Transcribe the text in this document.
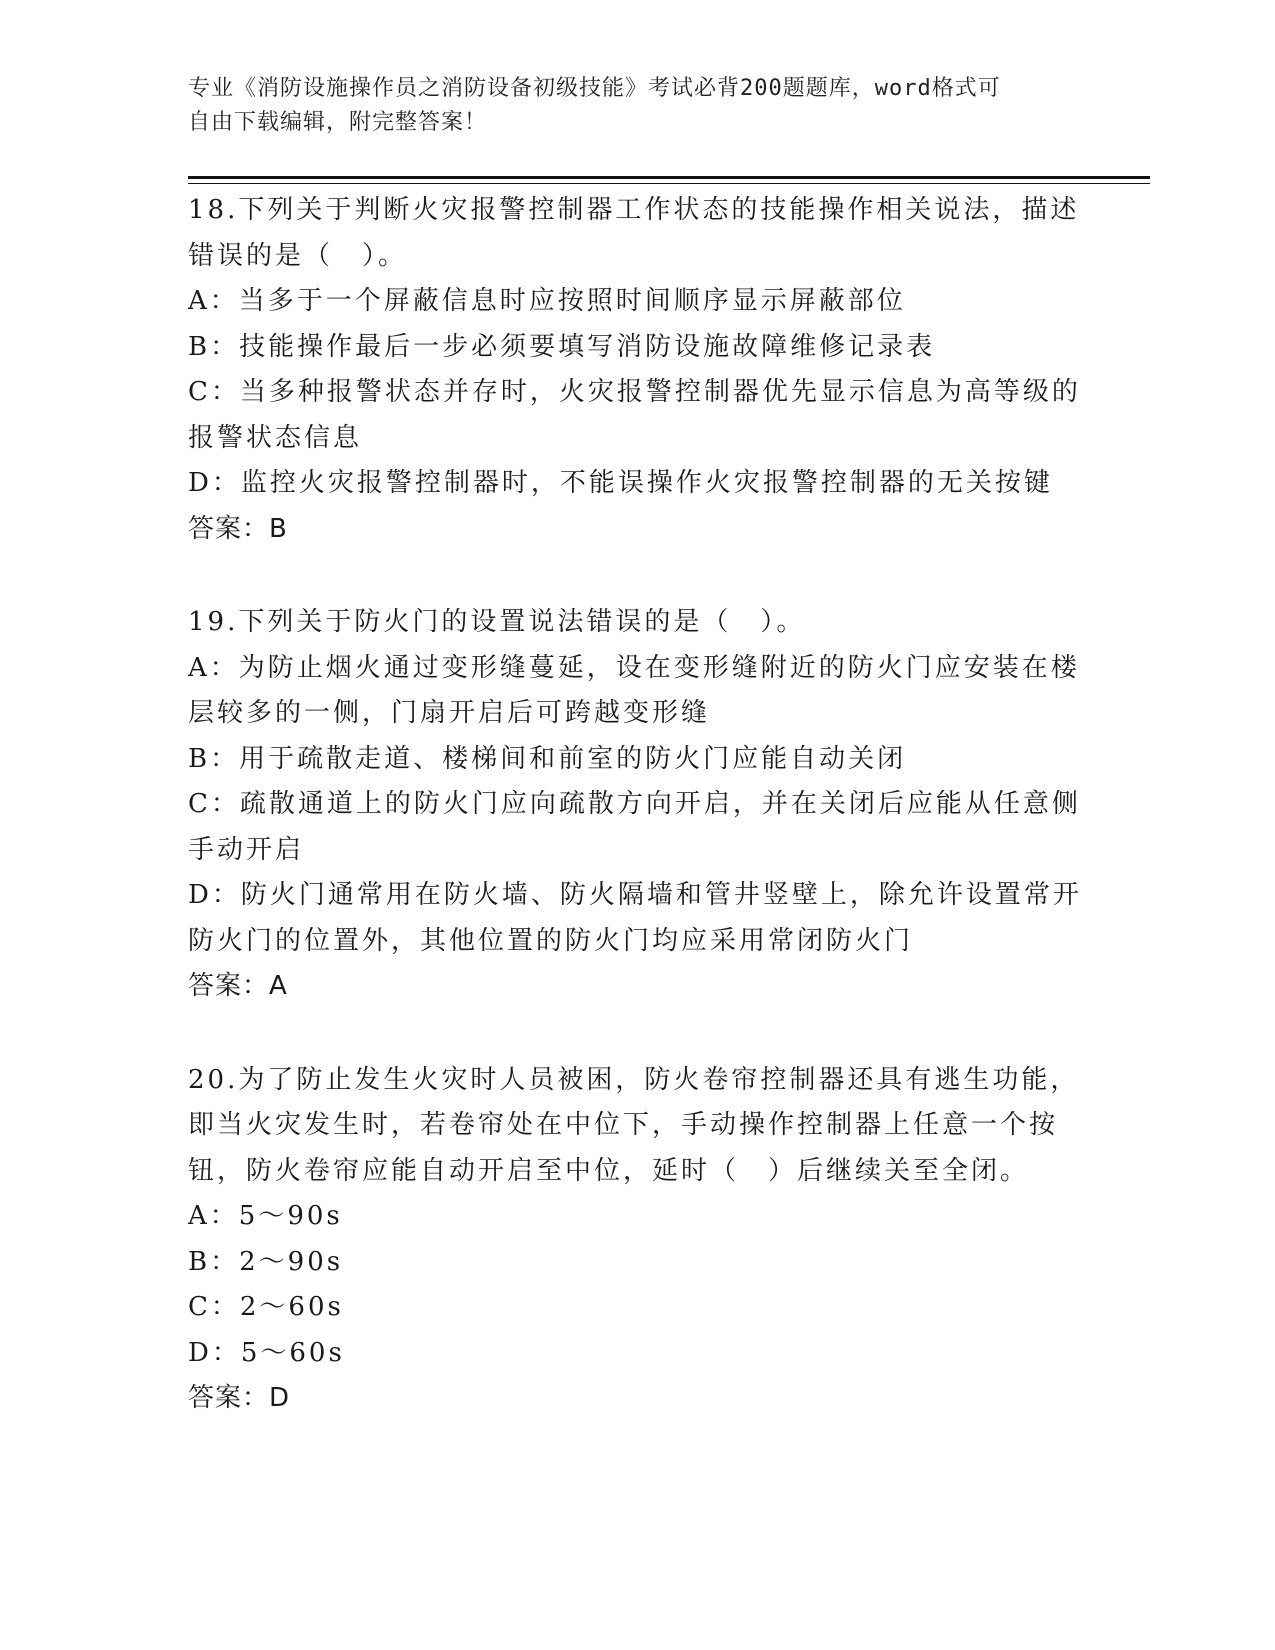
专业《消防设施操作员之消防设备初级技能》考试必背200题题库，word格式可
自由下载编辑，附完整答案！
18.下列关于判断火灾报警控制器工作状态的技能操作相关说法，描述
错误的是（　）。
A：当多于一个屏蔽信息时应按照时间顺序显示屏蔽部位
B：技能操作最后一步必须要填写消防设施故障维修记录表
C：当多种报警状态并存时，火灾报警控制器优先显示信息为高等级的
报警状态信息
D：监控火灾报警控制器时，不能误操作火灾报警控制器的无关按键
答案：B
19.下列关于防火门的设置说法错误的是（　）。
A：为防止烟火通过变形缝蔓延，设在变形缝附近的防火门应安装在楼
层较多的一侧，门扇开启后可跨越变形缝
B：用于疏散走道、楼梯间和前室的防火门应能自动关闭
C：疏散通道上的防火门应向疏散方向开启，并在关闭后应能从任意侧
手动开启
D：防火门通常用在防火墙、防火隔墙和管井竖壁上，除允许设置常开
防火门的位置外，其他位置的防火门均应采用常闭防火门
答案：A
20.为了防止发生火灾时人员被困，防火卷帘控制器还具有逃生功能，
即当火灾发生时，若卷帘处在中位下，手动操作控制器上任意一个按
钮，防火卷帘应能自动开启至中位，延时（　）后继续关至全闭。
A：5～90s
B：2～90s
C：2～60s
D：5～60s
答案：D
